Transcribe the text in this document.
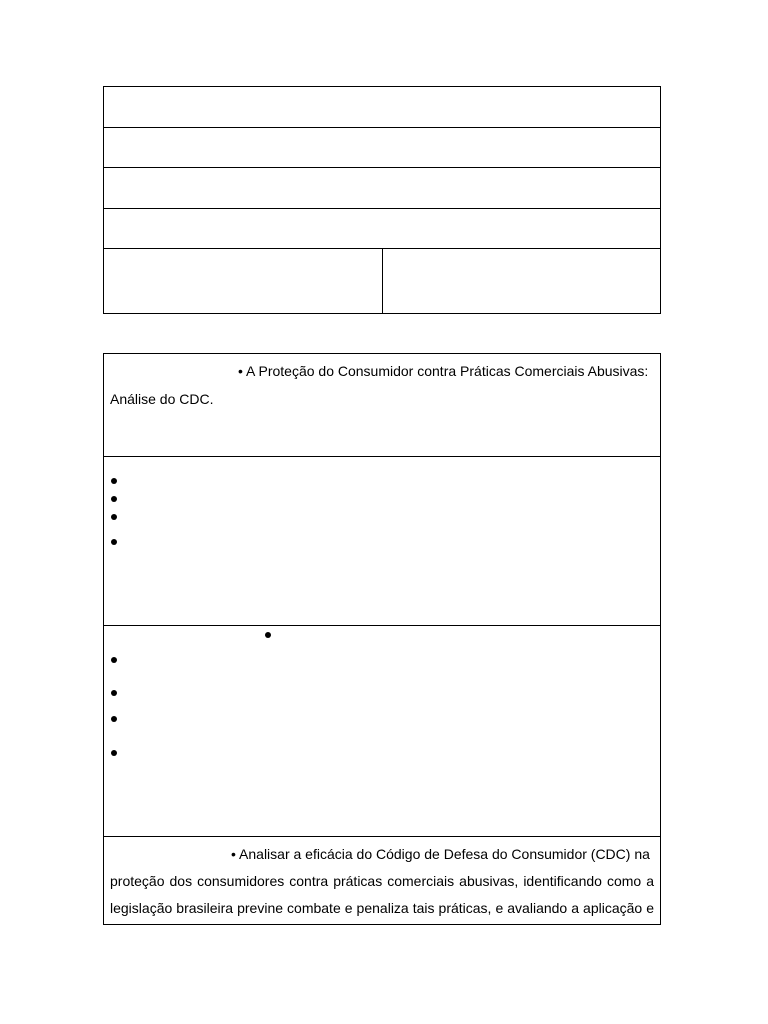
• A Proteção do Consumidor contra Práticas Comerciais Abusivas:
Análise do CDC.
• Analisar a eficácia do Código de Defesa do Consumidor (CDC) na
proteção dos consumidores contra práticas comerciais abusivas, identificando como a
legislação brasileira previne combate e penaliza tais práticas, e avaliando a aplicação e
